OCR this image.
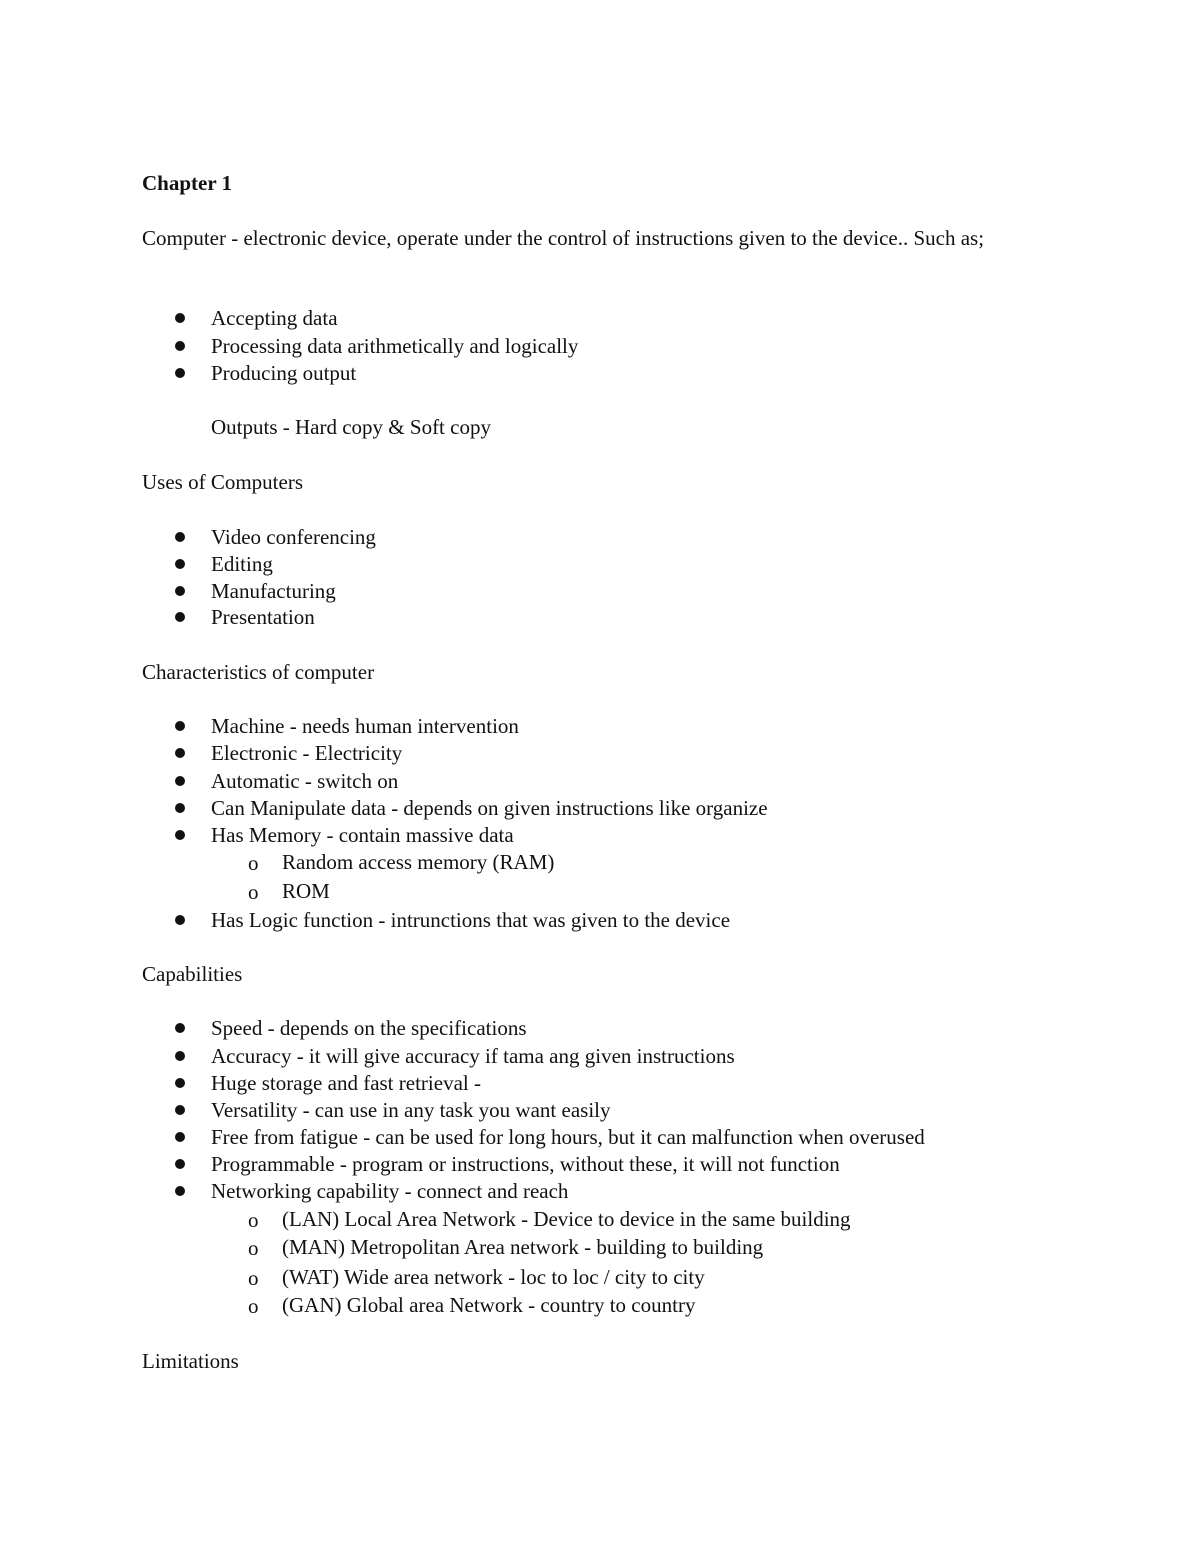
Chapter 1
Computer - electronic device, operate under the control of instructions given to the device.. Such as;
Accepting data
Processing data arithmetically and logically
Producing output
Outputs - Hard copy & Soft copy
Uses of Computers
Video conferencing
Editing
Manufacturing
Presentation
Characteristics of computer
Machine - needs human intervention
Electronic - Electricity
Automatic - switch on
Can Manipulate data - depends on given instructions like organize
Has Memory - contain massive data
o Random access memory (RAM)
o ROM
Has Logic function - intrunctions that was given to the device
Capabilities
Speed - depends on the specifications
Accuracy - it will give accuracy if tama ang given instructions
Huge storage and fast retrieval -
Versatility - can use in any task you want easily
Free from fatigue - can be used for long hours, but it can malfunction when overused
Programmable - program or instructions, without these, it will not function
Networking capability - connect and reach
o (LAN) Local Area Network - Device to device in the same building
o (MAN) Metropolitan Area network - building to building
o (WAT) Wide area network - loc to loc / city to city
o (GAN) Global area Network - country to country
Limitations
